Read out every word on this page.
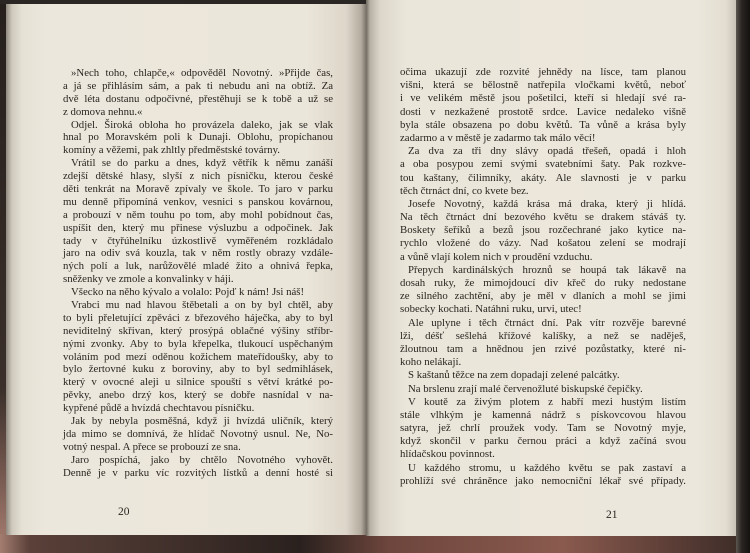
»Nech toho, chlapče,« odpověděl Novotný. »Přijde čas,
a já se přihlásím sám, a pak ti nebudu ani na obtíž. Za
dvě léta dostanu odpočivné, přestěhuji se k tobě a už se
z domova nehnu.«
Odjel. Široká obloha ho provázela daleko, jak se vlak
hnal po Moravském poli k Dunaji. Oblohu, propíchanou
komíny a věžemi, pak zhltly předměstské továrny.
Vrátil se do parku a dnes, když větřík k němu zanáší
zdejší dětské hlasy, slyší z nich písničku, kterou české
děti tenkrát na Moravě zpívaly ve škole. To jaro v parku
mu denně připomíná venkov, vesnici s panskou kovárnou,
a probouzí v něm touhu po tom, aby mohl pobídnout čas,
uspíšit den, který mu přinese výsluzbu a odpočinek. Jak
tady v čtyřúhelníku úzkostlivě vyměřeném rozkládalo
jaro na odiv svá kouzla, tak v něm rostly obrazy vzdále-
ných polí a luk, narůžovělé mladé žito a ohnivá řepka,
sněženky ve zmole a konvalinky v háji.
Všecko na něho kývalo a volalo: Pojď k nám! Jsi náš!
Vrabci mu nad hlavou štěbetali a on by byl chtěl, aby
to byli přeletující zpěváci z březového háječka, aby to byl
neviditelný skřivan, který prosýpá oblačné výšiny stříbr-
nými zvonky. Aby to byla křepelka, tlukoucí uspěchaným
voláním pod mezí oděnou kožichem mateřídoušky, aby to
bylo žertovné kuku z boroviny, aby to byl sedmihlásek,
který v ovocné aleji u silnice spouští s větví krátké po-
pěvky, anebo drzý kos, který se dobře nasnídal v na-
kypřené půdě a hvízdá chechtavou písničku.
Jak by nebyla posměšná, když ji hvízdá uličník, který
jda mimo se domnívá, že hlídač Novotný usnul. Ne, No-
votný nespal. A přece se probouzí ze sna.
Jaro pospíchá, jako by chtělo Novotného vyhovět.
Denně je v parku víc rozvitých lístků a denní hosté si
20
očima ukazují zde rozvité jehnědy na lísce, tam planou
višni, která se bělostně natřepila vločkami květů, neboť
i ve velikém městě jsou pošetilci, kteří si hledají své ra-
dosti v nezkažené prostotě srdce. Lavice nedaleko višně
byla stále obsazena po dobu květů. Ta vůně a krása byly
zadarmo a v městě je zadarmo tak málo věcí!
Za dva za tři dny slávy opadá třešeň, opadá i hloh
a oba posypou zemi svými svatebními šaty. Pak rozkve-
tou kaštany, čilimníky, akáty. Ale slavnosti je v parku
těch čtrnáct dní, co kvete bez.
Josefe Novotný, každá krása má draka, který ji hlídá.
Na těch čtrnáct dní bezového květu se drakem stáváš ty.
Boskety šeříků a bezů jsou rozčechrané jako kytice na-
rychlo vložené do vázy. Nad košatou zelení se modrají
a vůně vlají kolem nich v proudění vzduchu.
Přepych kardinálských hroznů se houpá tak lákavě na
dosah ruky, že mimojdoucí div křeč do ruky nedostane
ze silného zachtění, aby je měl v dlaních a mohl se jimi
sobecky kochati. Natáhni ruku, urvi, utec!
Ale uplyne i těch čtrnáct dní. Pak vítr rozvěje barevné
lži, déšť sešlehá křížové kalíšky, a než se naděješ,
žloutnou tam a hnědnou jen rzivé pozůstatky, které ni-
koho nelákají.
S kaštanů těžce na zem dopadají zelené palcátky.
Na brslenu zrají malé červenožluté biskupské čepičky.
V koutě za živým plotem z habří mezi hustým listím
stále vlhkým je kamenná nádrž s pískovcovou hlavou
satyra, jež chrlí proužek vody. Tam se Novotný myje,
když skončil v parku černou práci a když začíná svou
hlídačskou povinnost.
U každého stromu, u každého květu se pak zastaví a
prohlíží své chráněnce jako nemocniční lékař své případy.
21
